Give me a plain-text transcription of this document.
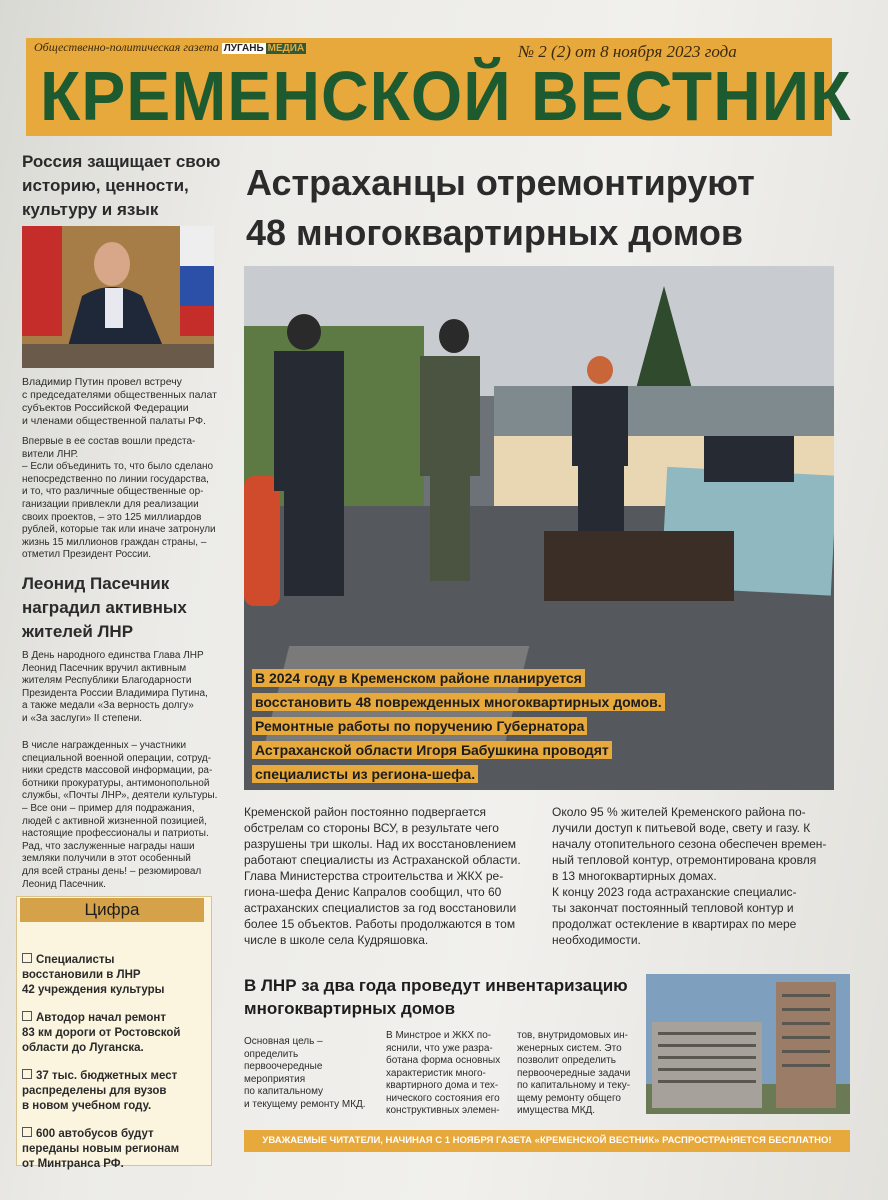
Общественно-политическая газета ЛУГАНЬ МЕДИА	№ 2 (2) от 8 ноября 2023 года
КРЕМЕНСКОЙ ВЕСТНИК
Россия защищает свою историю, ценности, культуру и язык
Владимир Путин провел встречу
с председателями общественных палат
субъектов Российской Федерации
и членами общественной палаты РФ.
Впервые в ее состав вошли предста-
вители ЛНР.
– Если объединить то, что было сделано
непосредственно по линии государства,
и то, что различные общественные ор-
ганизации привлекли для реализации
своих проектов, – это 125 миллиардов
рублей, которые так или иначе затронули
жизнь 15 миллионов граждан страны, –
отметил Президент России.
Леонид Пасечник наградил активных жителей ЛНР
В День народного единства Глава ЛНР
Леонид Пасечник вручил активным
жителям Республики Благодарности
Президента России Владимира Путина,
а также медали «За верность долгу»
и «За заслуги» II степени.
В числе награжденных – участники
специальной военной операции, сотруд-
ники средств массовой информации, ра-
ботники прокуратуры, антимонопольной
службы, «Почты ЛНР», деятели культуры.
– Все они – пример для подражания,
людей с активной жизненной позицией,
настоящие профессионалы и патриоты.
Рад, что заслуженные награды наши
земляки получили в этот особенный
для всей страны день! – резюмировал
Леонид Пасечник.
Цифра

Специалисты
восстановили в ЛНР
42 учреждения культуры

Автодор начал ремонт
83 км дороги от Ростовской
области до Луганска.

37 тыс. бюджетных мест
распределены для вузов
в новом учебном году.

600 автобусов будут
переданы новым регионам
от Минтранса РФ.

Астраханцы отремонтируют
48 многоквартирных домов
В 2024 году в Кременском районе планируется восстановить 48 поврежденных многоквартирных домов. Ремонтные работы по поручению Губернатора Астраханской области Игоря Бабушкина проводят специалисты из региона-шефа.
Кременской район постоянно подвергается
обстрелам со стороны ВСУ, в результате чего
разрушены три школы. Над их восстановлением
работают специалисты из Астраханской области.
Глава Министерства строительства и ЖКХ ре-
гиона-шефа Денис Капралов сообщил, что 60
астраханских специалистов за год восстановили
более 15 объектов. Работы продолжаются в том
числе в школе села Кудряшовка.
Около 95 % жителей Кременского района по-
лучили доступ к питьевой воде, свету и газу. К
началу отопительного сезона обеспечен времен-
ный тепловой контур, отремонтирована кровля
в 13 многоквартирных домах.
К концу 2023 года астраханские специалис-
ты закончат постоянный тепловой контур и
продолжат остекление в квартирах по мере
необходимости.
В ЛНР за два года проведут инвентаризацию
многоквартирных домов
Основная цель –
определить
первоочередные
мероприятия
по капитальному
и текущему ремонту МКД.
В Минстрое и ЖКХ по-
яснили, что уже разра-
ботана форма основных
характеристик много-
квартирного дома и тех-
нического состояния его
конструктивных элемен-
тов, внутридомовых ин-
женерных систем. Это
позволит определить
первоочередные задачи
по капитальному и теку-
щему ремонту общего
имущества МКД.
УВАЖАЕМЫЕ ЧИТАТЕЛИ, НАЧИНАЯ С 1 НОЯБРЯ ГАЗЕТА «КРЕМЕНСКОЙ ВЕСТНИК» РАСПРОСТРАНЯЕТСЯ БЕСПЛАТНО!
